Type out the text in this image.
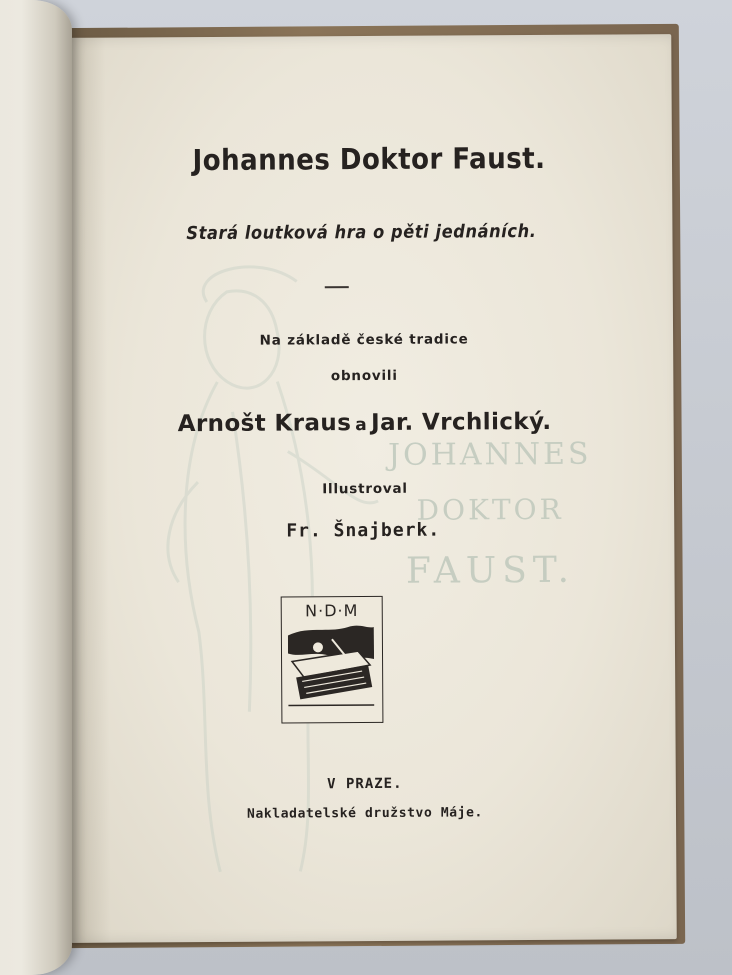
JOHANNES
DOKTOR
FAUST.
Johannes Doktor Faust.
Stará loutková hra o pěti jednáních.
Na základě české tradice
obnovili
Arnošt Kraus a Jar. Vrchlický.
Illustroval
Fr. Šnajberk.
N·D·M
V PRAZE.
Nakladatelské družstvo Máje.
